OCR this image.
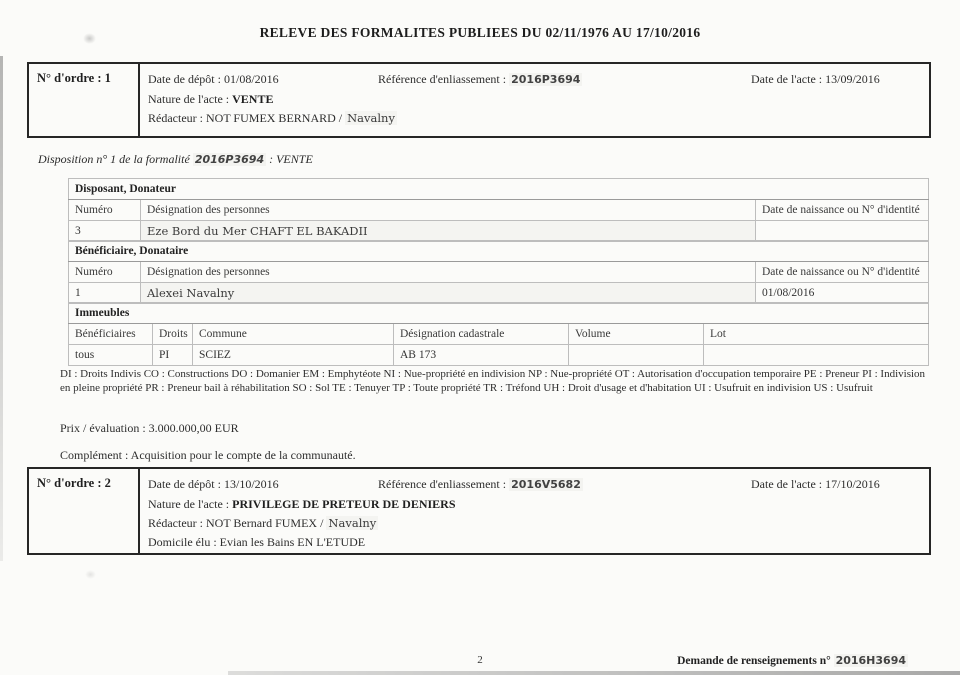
RELEVE DES FORMALITES PUBLIEES DU 02/11/1976 AU 17/10/2016
N° d'ordre : 1	Date de dépôt : 01/08/2016	Référence d'enliassement : 2016P3694	Date de l'acte : 13/09/2016
Nature de l'acte : VENTE
Rédacteur : NOT FUMEX BERNARD / Navalny
Disposition n° 1 de la formalité 2016P3694 : VENTE
Disposant, Donateur		
Numéro	Désignation des personnes	Date de naissance ou N° d'identité
3	Eze Bord du Mer CHAFT EL BAKADII	
Bénéficiaire, Donataire		
Numéro	Désignation des personnes	Date de naissance ou N° d'identité
1	Alexei Navalny	01/08/2016
Immeubles					
Bénéficiaires	Droits	Commune	Désignation cadastrale	Volume	Lot
tous	PI	SCIEZ	AB 173		
DI : Droits Indivis CO : Constructions DO : Domanier EM : Emphytéote NI : Nue-propriété en indivision NP : Nue-propriété OT : Autorisation d'occupation temporaire PE : Preneur PI : Indivision en pleine propriété PR : Preneur bail à réhabilitation SO : Sol TE : Tenuyer TP : Toute propriété TR : Tréfond UH : Droit d'usage et d'habitation UI : Usufruit en indivision US : Usufruit
Prix / évaluation : 3.000.000,00 EUR
Complément : Acquisition pour le compte de la communauté.
N° d'ordre : 2	Date de dépôt : 13/10/2016	Référence d'enliassement : 2016V5682	Date de l'acte : 17/10/2016
Nature de l'acte : PRIVILEGE DE PRETEUR DE DENIERS
Rédacteur : NOT Bernard FUMEX / Navalny
Domicile élu : Evian les Bains EN L'ETUDE
2	Demande de renseignements n° 2016H3694
